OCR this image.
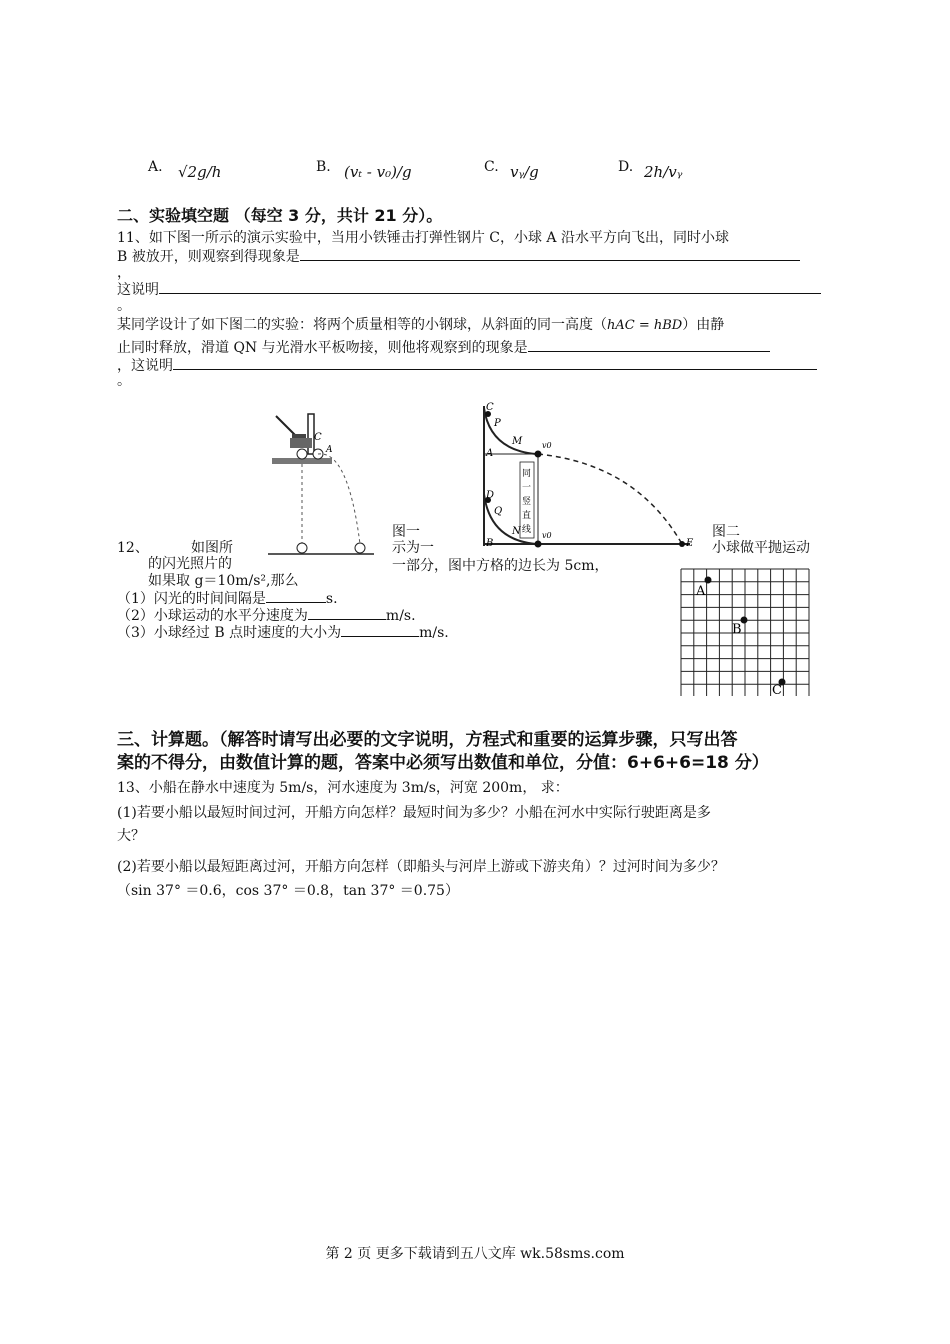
A. √2g/h	B. (vₜ - v₀)/g	C. vᵧ/g	D. 2h/vᵧ
二、实验填空题 （每空 3 分，共计 21 分）。
11、如下图一所示的演示实验中，当用小铁锤击打弹性钢片 C，小球 A 沿水平方向飞出，同时小球
B 被放开，则观察到得现象是
，
这说明
。
某同学设计了如下图二的实验：将两个质量相等的小钢球，从斜面的同一高度（hAC = hBD）由静
止同时释放，滑道 QN 与光滑水平板吻接，则他将观察到的现象是
，这说明
。
C
A
C
P
M v0
A
D
Q
N	v0
B	E
同
一
竖
直
线
图一
示为一
图二
小球做平抛运动
12、	如图所
的闪光照片的	一部分，图中方格的边长为 5cm，
如果取 g＝10m/s²,那么
（1）闪光的时间间隔是	s.
（2）小球运动的水平分速度为	m/s.
（3）小球经过 B 点时速度的大小为	m/s.
A
B
C
三、计算题。（解答时请写出必要的文字说明，方程式和重要的运算步骤，只写出答
案的不得分，由数值计算的题，答案中必须写出数值和单位，分值：6+6+6=18 分）
13、小船在静水中速度为 5m/s，河水速度为 3m/s，河宽 200m， 求：
(1)若要小船以最短时间过河，开船方向怎样？最短时间为多少？小船在河水中实际行驶距离是多
大？
(2)若要小船以最短距离过河，开船方向怎样（即船头与河岸上游或下游夹角）？过河时间为多少？
（sin 37° ＝0.6，cos 37° ＝0.8，tan 37° ＝0.75）
第 2 页 更多下载请到五八文库 wk.58sms.com
